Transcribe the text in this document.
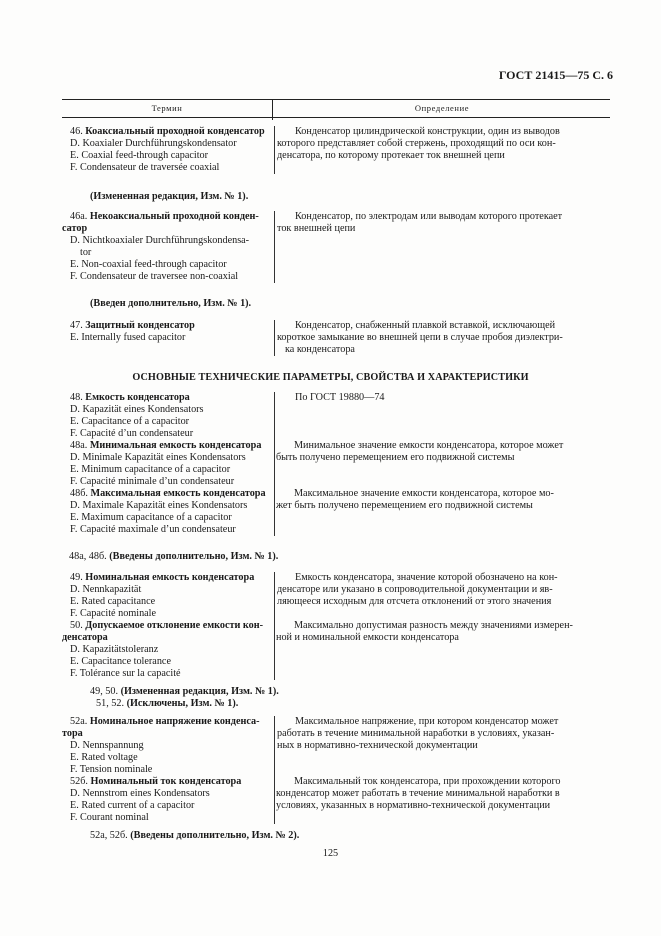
ГОСТ 21415—75 С. 6
Термин	Определение
46. Коаксиальный проходной конденсатор
D. Koaxialer Durchführungskondensator
E. Coaxial feed-through capacitor
F. Condensateur de traversée coaxial
Конденсатор цилиндрической конструкции, один из выводов
которого представляет собой стержень, проходящий по оси кон-
денсатора, по которому протекает ток внешней цепи
(Измененная редакция, Изм. № 1).
46а. Некоаксиальный проходной конден-
сатор
D. Nichtkoaxialer Durchführungskondensa-
tor
E. Non-coaxial feed-through capacitor
F. Condensateur de traversee non-coaxial
Конденсатор, по электродам или выводам которого протекает
ток внешней цепи
(Введен дополнительно, Изм. № 1).
47. Защитный конденсатор
E. Internally fused capacitor
Конденсатор, снабженный плавкой вставкой, исключающей
короткое замыкание во внешней цепи в случае пробоя диэлектри-
ка конденсатора
ОСНОВНЫЕ ТЕХНИЧЕСКИЕ ПАРАМЕТРЫ, СВОЙСТВА И ХАРАКТЕРИСТИКИ
48. Емкость конденсатора
D. Kapazität eines Kondensators
E. Capacitance of a capacitor
F. Capacité d’un condensateur
По ГОСТ 19880—74
48а. Минимальная емкость конденсатора
D. Minimale Kapazität eines Kondensators
E. Minimum capacitance of a capacitor
F. Capacité minimale d’un condensateur
Минимальное значение емкости конденсатора, которое может
быть получено перемещением его подвижной системы
48б. Максимальная емкость конденсатора
D. Maximale Kapazität eines Kondensators
E. Maximum capacitance of a capacitor
F. Capacité maximale d’un condensateur
Максимальное значение емкости конденсатора, которое мо-
жет быть получено перемещением его подвижной системы
48а, 48б. (Введены дополнительно, Изм. № 1).
49. Номинальная емкость конденсатора
D. Nennkapazität
E. Rated capacitance
F. Capacité nominale
Емкость конденсатора, значение которой обозначено на кон-
денсаторе или указано в сопроводительной документации и яв-
ляющееся исходным для отсчета отклонений от этого значения
50. Допускаемое отклонение емкости кон-
денсатора
D. Kapazitätstoleranz
E. Capacitance tolerance
F. Tolérance sur la capacité
Максимально допустимая разность между значениями измерен-
ной и номинальной емкости конденсатора
49, 50. (Измененная редакция, Изм. № 1).
51, 52. (Исключены, Изм. № 1).
52а. Номинальное напряжение конденса-
тора
D. Nennspannung
E. Rated voltage
F. Tension nominale
Максимальное напряжение, при котором конденсатор может
работать в течение минимальной наработки в условиях, указан-
ных в нормативно-технической документации
52б. Номинальный ток конденсатора
D. Nennstrom eines Kondensators
E. Rated current of a capacitor
F. Courant nominal
Максимальный ток конденсатора, при прохождении которого
конденсатор может работать в течение минимальной наработки в
условиях, указанных в нормативно-технической документации
52а, 52б. (Введены дополнительно, Изм. № 2).
125
